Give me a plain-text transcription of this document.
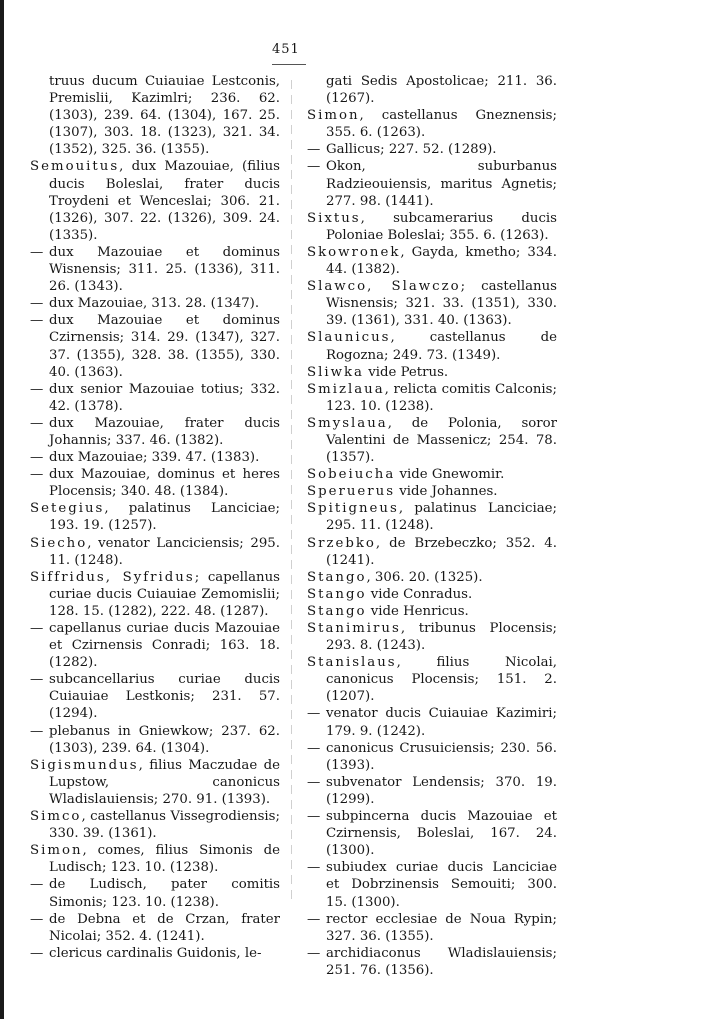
451

truus ducum Cuiauiae Lestconis, Premislii, Kazimlri; 236. 62. (1303), 239. 64. (1304), 167. 25. (1307), 303. 18. (1323), 321. 34. (1352), 325. 36. (1355).

Semouitus, dux Mazouiae, (filius ducis Boleslai, frater ducis Troydeni et Wenceslai; 306. 21. (1326), 307. 22. (1326), 309. 24. (1335).

— dux Mazouiae et dominus Wisnensis; 311. 25. (1336), 311. 26. (1343).

— dux Mazouiae, 313. 28. (1347).

— dux Mazouiae et dominus Czirnensis; 314. 29. (1347), 327. 37. (1355), 328. 38. (1355), 330. 40. (1363).

— dux senior Mazouiae totius; 332. 42. (1378).

— dux Mazouiae, frater ducis Johannis; 337. 46. (1382).

— dux Mazouiae; 339. 47. (1383).

— dux Mazouiae, dominus et heres Plocensis; 340. 48. (1384).

Setegius, palatinus Lanciciae; 193. 19. (1257).

Siecho, venator Lanciciensis; 295. 11. (1248).

Siffridus, Syfridus; capellanus curiae ducis Cuiauiae Zemomislii; 128. 15. (1282), 222. 48. (1287).

— capellanus curiae ducis Mazouiae et Czirnensis Conradi; 163. 18. (1282).

— subcancellarius curiae ducis Cuiauiae Lestkonis; 231. 57. (1294).

— plebanus in Gniewkow; 237. 62. (1303), 239. 64. (1304).

Sigismundus, filius Maczudae de Lupstow, canonicus Wladislauiensis; 270. 91. (1393).

Simco, castellanus Vissegrodiensis; 330. 39. (1361).

Simon, comes, filius Simonis de Ludisch; 123. 10. (1238).

— de Ludisch, pater comitis Simonis; 123. 10. (1238).

— de Debna et de Crzan, frater Nicolai; 352. 4. (1241).

— clericus cardinalis Guidonis, le-

gati Sedis Apostolicae; 211. 36. (1267).

Simon, castellanus Gneznensis; 355. 6. (1263).

— Gallicus; 227. 52. (1289).

— Okon, suburbanus Radzieouiensis, maritus Agnetis; 277. 98. (1441).

Sixtus, subcamerarius ducis Poloniae Boleslai; 355. 6. (1263).

Skowronek, Gayda, kmetho; 334. 44. (1382).

Slawco, Slawczo; castellanus Wisnensis; 321. 33. (1351), 330. 39. (1361), 331. 40. (1363).

Slaunicus, castellanus de Rogozna; 249. 73. (1349).

Sliwka vide Petrus.

Smizlaua, relicta comitis Calconis; 123. 10. (1238).

Smyslaua, de Polonia, soror Valentini de Massenicz; 254. 78. (1357).

Sobeiucha vide Gnewomir.

Speruerus vide Johannes.

Spitigneus, palatinus Lanciciae; 295. 11. (1248).

Srzebko, de Brzebeczko; 352. 4. (1241).

Stango, 306. 20. (1325).

Stango vide Conradus.

Stango vide Henricus.

Stanimirus, tribunus Plocensis; 293. 8. (1243).

Stanislaus, filius Nicolai, canonicus Plocensis; 151. 2. (1207).

— venator ducis Cuiauiae Kazimiri; 179. 9. (1242).

— canonicus Crusuiciensis; 230. 56. (1393).

— subvenator Lendensis; 370. 19. (1299).

— subpincerna ducis Mazouiae et Czirnensis, Boleslai, 167. 24. (1300).

— subiudex curiae ducis Lanciciae et Dobrzinensis Semouiti; 300. 15. (1300).

— rector ecclesiae de Noua Rypin; 327. 36. (1355).

— archidiaconus Wladislauiensis; 251. 76. (1356).
